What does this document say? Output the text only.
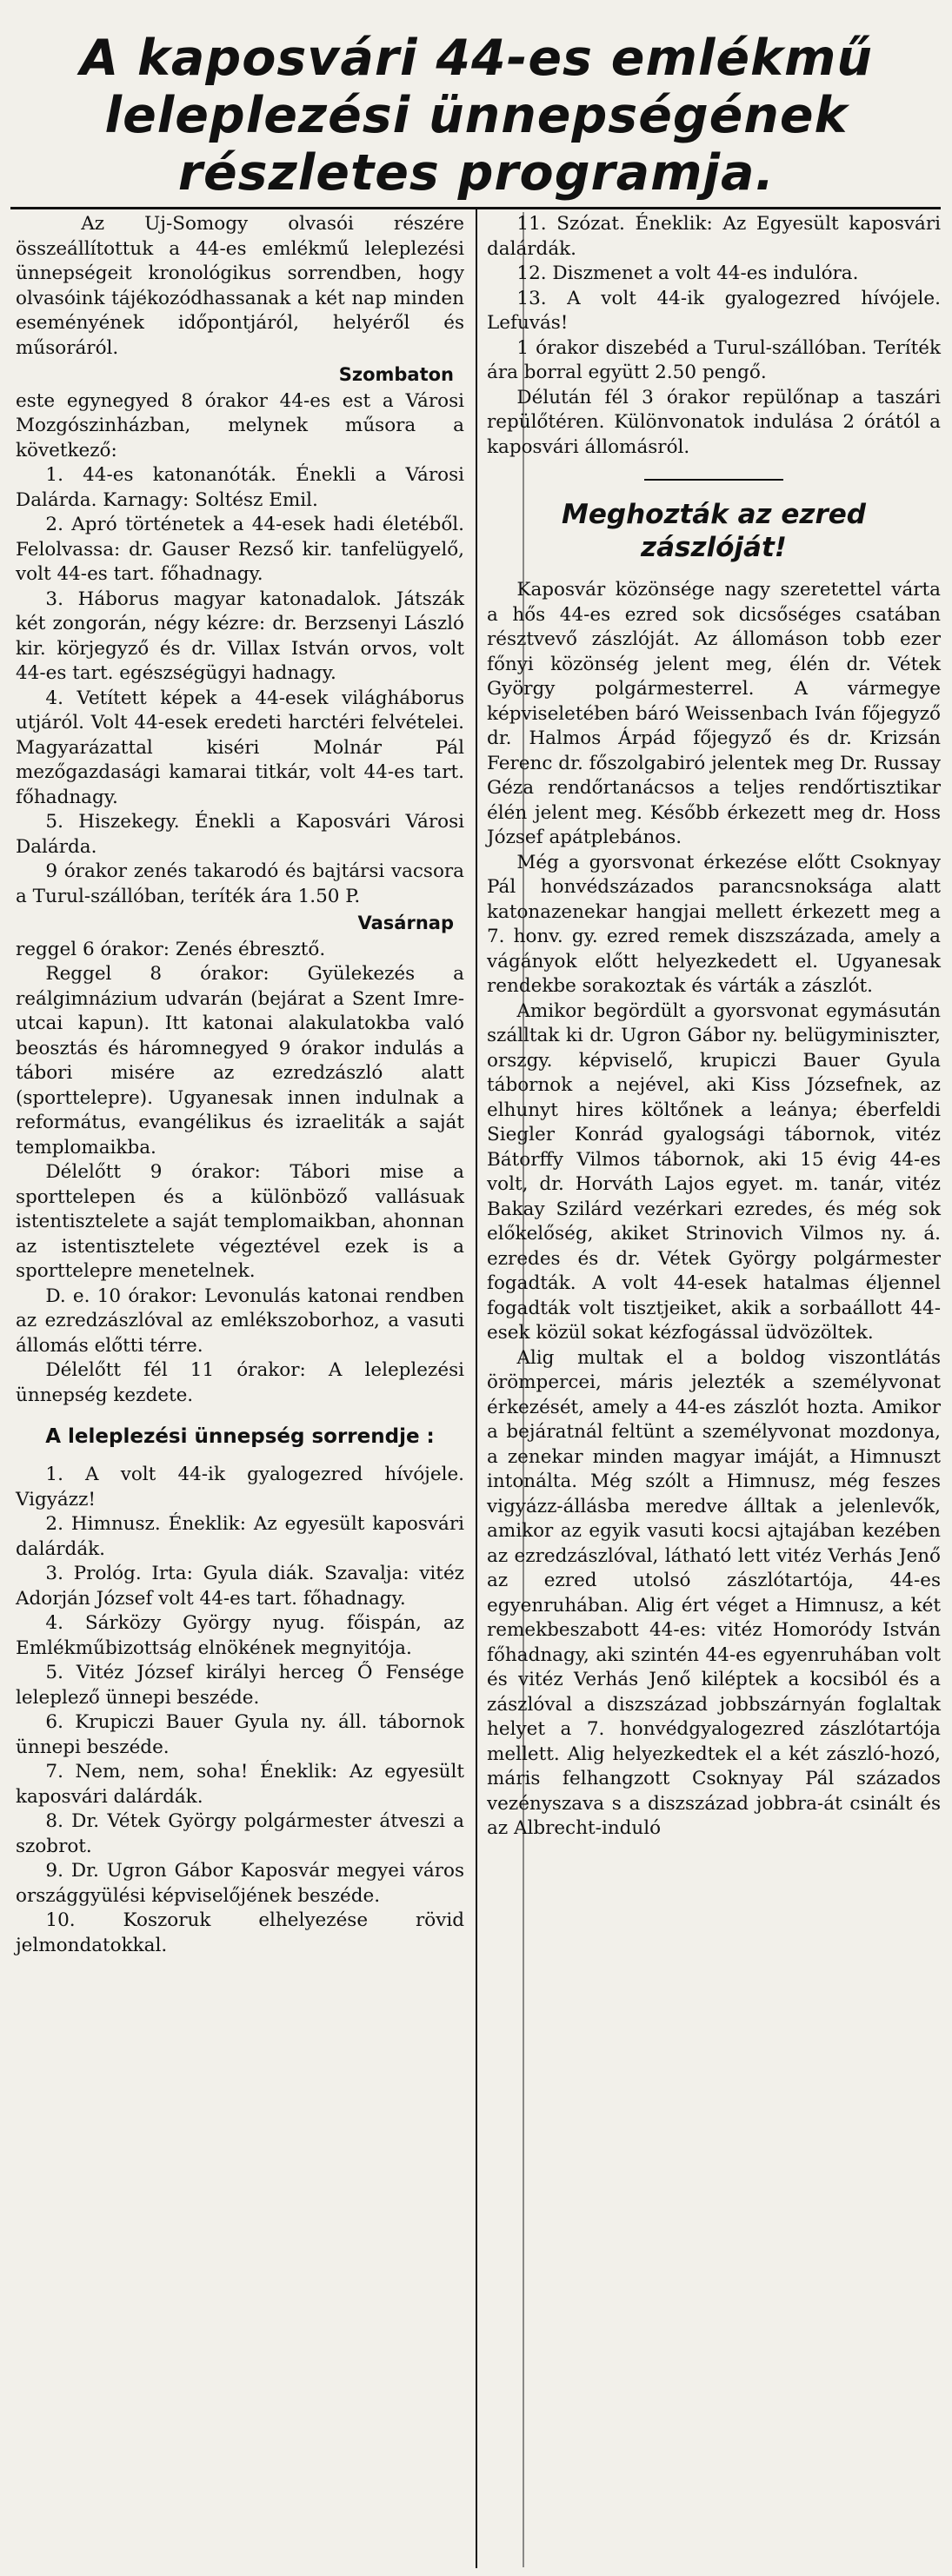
A kaposvári 44-es emlékmű leleplezési ünnepségének részletes programja.

Az Uj-Somogy olvasói részére összeállítottuk a 44-es emlékmű leleplezési ünnepségeit kronológikus sorrendben, hogy olvasóink tájékozódhassanak a két nap minden eseményének időpontjáról, helyéről és műsoráról.

Szombaton

este egynegyed 8 órakor 44-es est a Városi Mozgószinházban, melynek műsora a következő:

1. 44-es katonanóták. Énekli a Városi Dalárda. Karnagy: Soltész Emil.

2. Apró történetek a 44-esek hadi életéből. Felolvassa: dr. Gauser Rezső kir. tanfelügyelő, volt 44-es tart. főhadnagy.

3. Háborus magyar katonadalok. Játszák két zongorán, négy kézre: dr. Berzsenyi László kir. körjegyző és dr. Villax István orvos, volt 44-es tart. egészségügyi hadnagy.

4. Vetített képek a 44-esek világháborus utjáról. Volt 44-esek eredeti harctéri felvételei. Magyarázattal kiséri Molnár Pál mezőgazdasági kamarai titkár, volt 44-es tart. főhadnagy.

5. Hiszekegy. Énekli a Kaposvári Városi Dalárda.

9 órakor zenés takarodó és bajtársi vacsora a Turul-szállóban, teríték ára 1.50 P.

Vasárnap

reggel 6 órakor: Zenés ébresztő.

Reggel 8 órakor: Gyülekezés a reálgimnázium udvarán (bejárat a Szent Imre-utcai kapun). Itt katonai alakulatokba való beosztás és háromnegyed 9 órakor indulás a tábori misére az ezredzászló alatt (sporttelepre). Ugyanesak innen indulnak a református, evangélikus és izraeliták a saját templomaikba.

Délelőtt 9 órakor: Tábori mise a sporttelepen és a különböző vallásuak istentisztelete a saját templomaikban, ahonnan az istentisztelete végeztével ezek is a sporttelepre menetelnek.

D. e. 10 órakor: Levonulás katonai rendben az ezredzászlóval az emlékszoborhoz, a vasuti állomás előtti térre.

Délelőtt fél 11 órakor: A leleplezési ünnepség kezdete.

A leleplezési ünnepség sorrendje :

1. A volt 44-ik gyalogezred hívójele. Vigyázz!

2. Himnusz. Éneklik: Az egyesült kaposvári dalárdák.

3. Prológ. Irta: Gyula diák. Szavalja: vitéz Adorján József volt 44-es tart. főhadnagy.

4. Sárközy György nyug. főispán, az Emlékműbizottság elnökének megnyitója.

5. Vitéz József királyi herceg Ő Fensége leleplező ünnepi beszéde.

6. Krupiczi Bauer Gyula ny. áll. tábornok ünnepi beszéde.

7. Nem, nem, soha! Éneklik: Az egyesült kaposvári dalárdák.

8. Dr. Vétek György polgármester átveszi a szobrot.

9. Dr. Ugron Gábor Kaposvár megyei város országgyülési képviselőjének beszéde.

10. Koszoruk elhelyezése rövid jelmondatokkal.

11. Szózat. Éneklik: Az Egyesült kaposvári dalárdák.

12. Diszmenet a volt 44-es indulóra.

13. A volt 44-ik gyalogezred hívójele. Lefuvás!

1 órakor diszebéd a Turul-szállóban. Teríték ára borral együtt 2.50 pengő.

Délután fél 3 órakor repülőnap a taszári repülőtéren. Különvonatok indulása 2 órától a kaposvári állomásról.

Meghozták az ezred zászlóját!

Kaposvár közönsége nagy szeretettel várta a hős 44-es ezred sok dicsőséges csatában résztvevő zászlóját. Az állomáson tobb ezer főnyi közönség jelent meg, élén dr. Vétek György polgármesterrel. A vármegye képviseletében báró Weissenbach Iván főjegyző dr. Halmos Árpád főjegyző és dr. Krizsán Ferenc dr. főszolgabiró jelentek meg Dr. Russay Géza rendőrtanácsos a teljes rendőrtisztikar élén jelent meg. Később érkezett meg dr. Hoss József apátplebános.

Még a gyorsvonat érkezése előtt Csoknyay Pál honvédszázados parancsnoksága alatt katonazenekar hangjai mellett érkezett meg a 7. honv. gy. ezred remek diszszázada, amely a vágányok előtt helyezkedett el. Ugyanesak rendekbe sorakoztak és várták a zászlót.

Amikor begördült a gyorsvonat egymásután szálltak ki dr. Ugron Gábor ny. belügyminiszter, orszgy. képviselő, krupiczi Bauer Gyula tábornok a nejével, aki Kiss Józsefnek, az elhunyt hires költőnek a leánya; éberfeldi Siegler Konrád gyalogsági tábornok, vitéz Bátorffy Vilmos tábornok, aki 15 évig 44-es volt, dr. Horváth Lajos egyet. m. tanár, vitéz Bakay Szilárd vezérkari ezredes, és még sok előkelőség, akiket Strinovich Vilmos ny. á. ezredes és dr. Vétek György polgármester fogadták. A volt 44-esek hatalmas éljennel fogadták volt tisztjeiket, akik a sorbaállott 44-esek közül sokat kézfogással üdvözöltek.

Alig multak el a boldog viszontlátás örömpercei, máris jelezték a személyvonat érkezését, amely a 44-es zászlót hozta. Amikor a bejáratnál feltünt a személyvonat mozdonya, a zenekar minden magyar imáját, a Himnuszt intonálta. Még szólt a Himnusz, még feszes vigyázz-állásba meredve álltak a jelenlevők, amikor az egyik vasuti kocsi ajtajában kezében az ezredzászlóval, látható lett vitéz Verhás Jenő az ezred utolsó zászlótartója, 44-es egyenruhában. Alig ért véget a Himnusz, a két remekbeszabott 44-es: vitéz Homoródy István főhadnagy, aki szintén 44-es egyenruhában volt és vitéz Verhás Jenő kiléptek a kocsiból és a zászlóval a diszszázad jobbszárnyán foglaltak helyet a 7. honvédgyalogezred zászlótartója mellett. Alig helyezkedtek el a két zászló-hozó, máris felhangzott Csoknyay Pál százados vezényszava s a diszszázad jobbra-át csinált és az Albrecht-induló
